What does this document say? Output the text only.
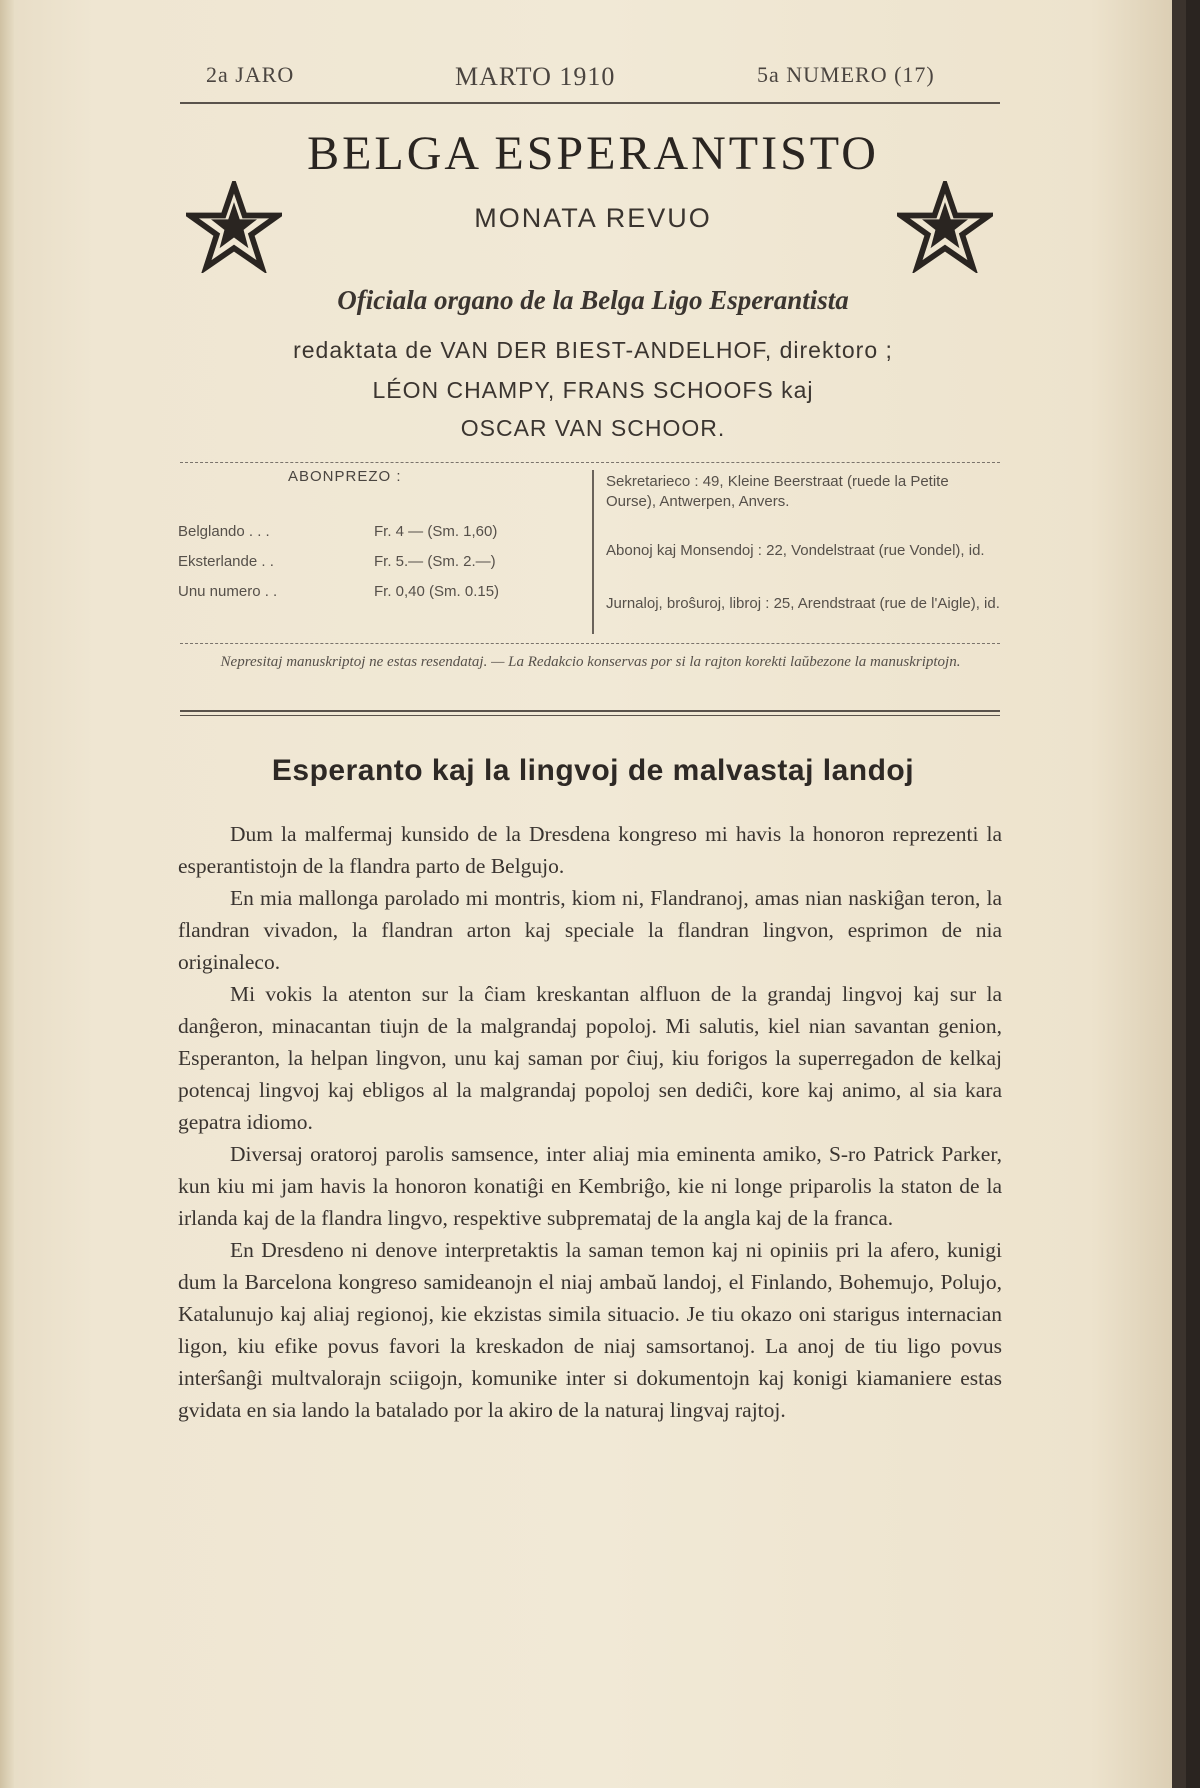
2a JARO	MARTO 1910	5a NUMERO (17)
BELGA ESPERANTISTO
MONATA REVUO
Oficiala organo de la Belga Ligo Esperantista
redaktata de VAN DER BIEST-ANDELHOF, direktoro ;
LÉON CHAMPY, FRANS SCHOOFS kaj
OSCAR VAN SCHOOR.
ABONPREZO :
Belglando . . .	Fr. 4 — (Sm. 1,60)
Eksterlande . .	Fr. 5.— (Sm. 2.—)
Unu numero . .	Fr. 0,40 (Sm. 0.15)
Sekretarieco : 49, Kleine Beerstraat (ruede la Petite Ourse), Antwerpen, Anvers.
Abonoj kaj Monsendoj : 22, Vondelstraat (rue Vondel), id.
Jurnaloj, broŝuroj, libroj : 25, Arendstraat (rue de l'Aigle), id.
Nepresitaj manuskriptoj ne estas resendataj. — La Redakcio konservas por si la rajton korekti laŭbezone la manuskriptojn.
Esperanto kaj la lingvoj de malvastaj landoj

Dum la malfermaj kunsido de la Dresdena kongreso mi havis la honoron reprezenti la esperantistojn de la flandra parto de Belgujo.

En mia mallonga parolado mi montris, kiom ni, Flandranoj, amas nian naskiĝan teron, la flandran vivadon, la flandran arton kaj speciale la flandran lingvon, esprimon de nia originaleco.

Mi vokis la atenton sur la ĉiam kreskantan alfluon de la grandaj lingvoj kaj sur la danĝeron, minacantan tiujn de la malgrandaj popoloj. Mi salutis, kiel nian savantan genion, Esperanton, la helpan lingvon, unu kaj saman por ĉiuj, kiu forigos la superregadon de kelkaj potencaj lingvoj kaj ebligos al la malgrandaj popoloj sen dediĉi, kore kaj animo, al sia kara gepatra idiomo.

Diversaj oratoroj parolis samsence, inter aliaj mia eminenta amiko, S-ro Patrick Parker, kun kiu mi jam havis la honoron konatiĝi en Kembriĝo, kie ni longe priparolis la staton de la irlanda kaj de la flandra lingvo, respektive subpremataj de la angla kaj de la franca.

En Dresdeno ni denove interpretaktis la saman temon kaj ni opiniis pri la afero, kunigi dum la Barcelona kongreso samideanojn el niaj ambaŭ landoj, el Finlando, Bohemujo, Polujo, Katalunujo kaj aliaj regionoj, kie ekzistas simila situacio. Je tiu okazo oni starigus internacian ligon, kiu efike povus favori la kreskadon de niaj samsortanoj. La anoj de tiu ligo povus interŝanĝi multvalorajn sciigojn, komunike inter si dokumentojn kaj konigi kiamaniere estas gvidata en sia lando la batalado por la akiro de la naturaj lingvaj rajtoj.
